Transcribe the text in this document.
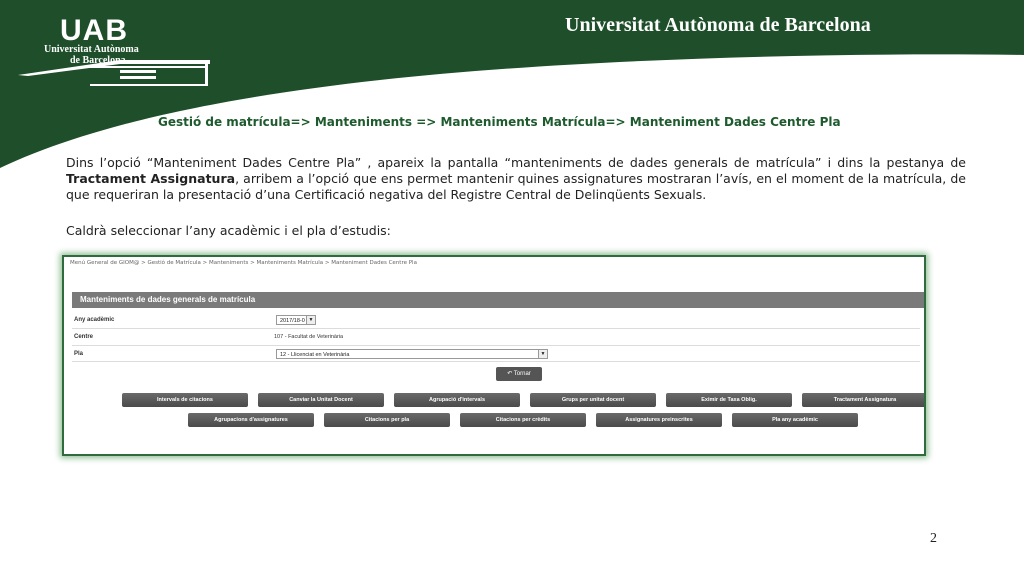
UAB
Universitat Autònoma
de Barcelona
Universitat Autònoma de Barcelona
Gestió de matrícula=> Manteniments => Manteniments Matrícula=> Manteniment Dades Centre Pla
Dins l’opció “Manteniment Dades Centre Pla” , apareix la pantalla “manteniments de dades generals de matrícula” i dins la pestanya de Tractament Assignatura, arribem a l’opció que ens permet mantenir quines assignatures mostraran l’avís, en el moment de la matrícula, de que requeriran la presentació d’una Certificació negativa del Registre Central de Delinqüents Sexuals.
Caldrà seleccionar l’any acadèmic i el pla d’estudis:
Menú General de GIOM@ > Gestió de Matrícula > Manteniments > Manteniments Matrícula > Manteniment Dades Centre Pla
Manteniments de dades generals de matrícula
Any acadèmic	2017/18-0 ▼
Centre	107 - Facultat de Veterinària
Pla	12 - Llicenciat en Veterinària	▼
↶ Tornar
Intervals de citacions	Canviar la Unitat Docent	Agrupació d'intervals	Grups per unitat docent	Eximir de Taxa Oblig.	Tractament Assignatura
Agrupacions d'assignatures	Citacions per pla	Citacions per crèdits	Assignatures preinscrites	Pla any acadèmic
2
